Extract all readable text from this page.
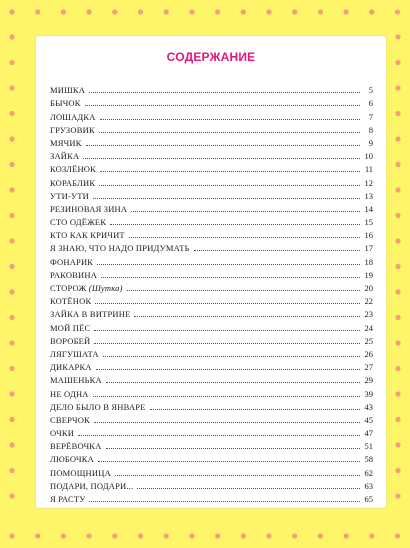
СОДЕРЖАНИЕ
МИШКА	5
БЫЧОК	6
ЛОШАДКА	7
ГРУЗОВИК	8
МЯЧИК	9
ЗАЙКА	10
КОЗЛЁНОК	11
КОРАБЛИК	12
УТИ-УТИ	13
РЕЗИНОВАЯ ЗИНА	14
СТО ОДЁЖЕК	15
КТО КАК КРИЧИТ	16
Я ЗНАЮ, ЧТО НАДО ПРИДУМАТЬ	17
ФОНАРИК	18
РАКОВИНА	19
СТОРОЖ (Шутка)	20
КОТЁНОК	22
ЗАЙКА В ВИТРИНЕ	23
МОЙ ПЁС	24
ВОРОБЕЙ	25
ЛЯГУШАТА	26
ДИКАРКА	27
МАШЕНЬКА	29
НЕ ОДНА	39
ДЕЛО БЫЛО В ЯНВАРЕ	43
СВЕРЧОК	45
ОЧКИ	47
ВЕРЁВОЧКА	51
ЛЮБОЧКА	58
ПОМОЩНИЦА	62
ПОДАРИ, ПОДАРИ...	63
Я РАСТУ	65
